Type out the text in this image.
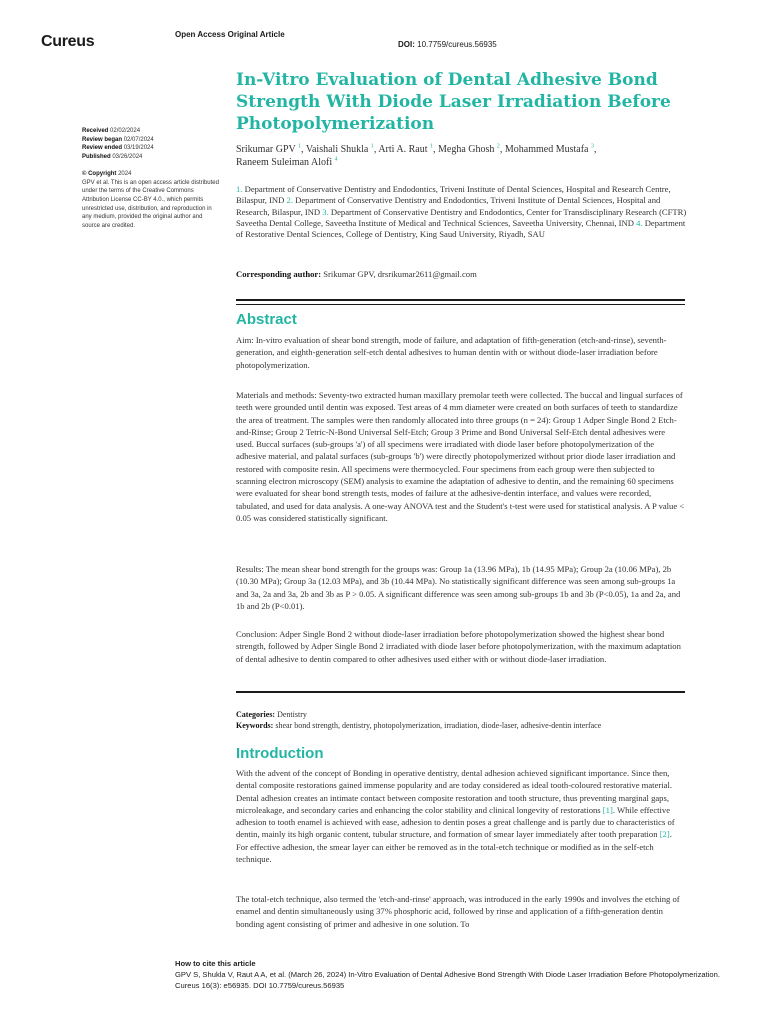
Cureus	Open Access Original Article
DOI: 10.7759/cureus.56935
Received 02/02/2024
Review began 02/07/2024
Review ended 03/19/2024
Published 03/26/2024
© Copyright 2024
GPV et al. This is an open access article distributed under the terms of the Creative Commons Attribution License CC-BY 4.0., which permits unrestricted use, distribution, and reproduction in any medium, provided the original author and source are credited.
In-Vitro Evaluation of Dental Adhesive Bond Strength With Diode Laser Irradiation Before Photopolymerization
Srikumar GPV $^1$, Vaishali Shukla $^1$, Arti A. Raut $^1$, Megha Ghosh $^2$, Mohammed Mustafa $^3$,
Raneem Suleiman Alofi $^4$
1. Department of Conservative Dentistry and Endodontics, Triveni Institute of Dental Sciences, Hospital and Research Centre, Bilaspur, IND 2. Department of Conservative Dentistry and Endodontics, Triveni Institute of Dental Sciences, Hospital and Research, Bilaspur, IND 3. Department of Conservative Dentistry and Endodontics, Center for Transdisciplinary Research (CFTR) Saveetha Dental College, Saveetha Institute of Medical and Technical Sciences, Saveetha University, Chennai, IND 4. Department of Restorative Dental Sciences, College of Dentistry, King Saud University, Riyadh, SAU
Corresponding author: Srikumar GPV, drsrikumar2611@gmail.com
Abstract
Aim: In-vitro evaluation of shear bond strength, mode of failure, and adaptation of fifth-generation (etch-and-rinse), seventh-generation, and eighth-generation self-etch dental adhesives to human dentin with or without diode-laser irradiation before photopolymerization.
Materials and methods: Seventy-two extracted human maxillary premolar teeth were collected. The buccal and lingual surfaces of teeth were grounded until dentin was exposed. Test areas of 4 mm diameter were created on both surfaces of teeth to standardize the area of treatment. The samples were then randomly allocated into three groups (n = 24): Group 1 Adper Single Bond 2 Etch-and-Rinse; Group 2 Tetric-N-Bond Universal Self-Etch; Group 3 Prime and Bond Universal Self-Etch dental adhesives were used. Buccal surfaces (sub-groups 'a') of all specimens were irradiated with diode laser before photopolymerization of the adhesive material, and palatal surfaces (sub-groups 'b') were directly photopolymerized without prior diode laser irradiation and restored with composite resin. All specimens were thermocycled. Four specimens from each group were then subjected to scanning electron microscopy (SEM) analysis to examine the adaptation of adhesive to dentin, and the remaining 60 specimens were evaluated for shear bond strength tests, modes of failure at the adhesive-dentin interface, and values were recorded, tabulated, and used for data analysis. A one-way ANOVA test and the Student's t-test were used for statistical analysis. A P value < 0.05 was considered statistically significant.
Results: The mean shear bond strength for the groups was: Group 1a (13.96 MPa), 1b (14.95 MPa); Group 2a (10.06 MPa), 2b (10.30 MPa); Group 3a (12.03 MPa), and 3b (10.44 MPa). No statistically significant difference was seen among sub-groups 1a and 3a, 2a and 3a, 2b and 3b as P > 0.05. A significant difference was seen among sub-groups 1b and 3b (P<0.05), 1a and 2a, and 1b and 2b (P<0.01).
Conclusion: Adper Single Bond 2 without diode-laser irradiation before photopolymerization showed the highest shear bond strength, followed by Adper Single Bond 2 irradiated with diode laser before photopolymerization, with the maximum adaptation of dental adhesive to dentin compared to other adhesives used either with or without diode-laser irradiation.
Categories: Dentistry
Keywords: shear bond strength, dentistry, photopolymerization, irradiation, diode-laser, adhesive-dentin interface
Introduction
With the advent of the concept of Bonding in operative dentistry, dental adhesion achieved significant importance. Since then, dental composite restorations gained immense popularity and are today considered as ideal tooth-coloured restorative material. Dental adhesion creates an intimate contact between composite restoration and tooth structure, thus preventing marginal gaps, microleakage, and secondary caries and enhancing the color stability and clinical longevity of restorations [1]. While effective adhesion to tooth enamel is achieved with ease, adhesion to dentin poses a great challenge and is partly due to characteristics of dentin, mainly its high organic content, tubular structure, and formation of smear layer immediately after tooth preparation [2]. For effective adhesion, the smear layer can either be removed as in the total-etch technique or modified as in the self-etch technique.
The total-etch technique, also termed the 'etch-and-rinse' approach, was introduced in the early 1990s and involves the etching of enamel and dentin simultaneously using 37% phosphoric acid, followed by rinse and application of a fifth-generation dentin bonding agent consisting of primer and adhesive in one solution. To
How to cite this article
GPV S, Shukla V, Raut A A, et al. (March 26, 2024) In-Vitro Evaluation of Dental Adhesive Bond Strength With Diode Laser Irradiation Before Photopolymerization. Cureus 16(3): e56935. DOI 10.7759/cureus.56935
